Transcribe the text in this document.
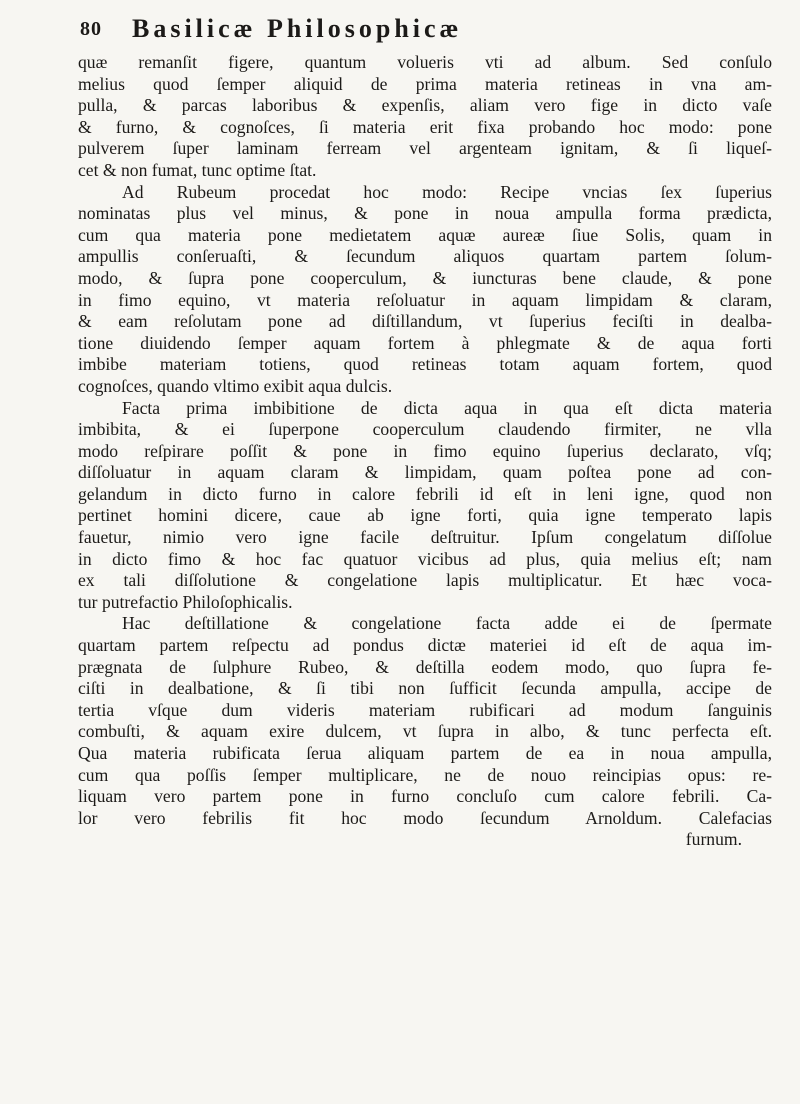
80 Basilicæ Philosophicæ
quæ remanſit figere, quantum volueris vti ad album. Sed conſulo
melius quod ſemper aliquid de prima materia retineas in vna am-
pulla, & parcas laboribus & expenſis, aliam vero fige in dicto vaſe
& furno, & cognoſces, ſi materia erit fixa probando hoc modo: pone
pulverem ſuper laminam ferream vel argenteam ignitam, & ſi liqueſ-
cet & non fumat, tunc optime ſtat.
Ad Rubeum procedat hoc modo: Recipe vncias ſex ſuperius
nominatas plus vel minus, & pone in noua ampulla forma prædicta,
cum qua materia pone medietatem aquæ aureæ ſiue Solis, quam in
ampullis conſeruaſti, & ſecundum aliquos quartam partem ſolum-
modo, & ſupra pone cooperculum, & iuncturas bene claude, & pone
in fimo equino, vt materia reſoluatur in aquam limpidam & claram,
& eam reſolutam pone ad diſtillandum, vt ſuperius feciſti in dealba-
tione diuidendo ſemper aquam fortem à phlegmate & de aqua forti
imbibe materiam totiens, quod retineas totam aquam fortem, quod
cognoſces, quando vltimo exibit aqua dulcis.
Facta prima imbibitione de dicta aqua in qua eſt dicta materia
imbibita, & ei ſuperpone cooperculum claudendo firmiter, ne vlla
modo reſpirare poſſit & pone in fimo equino ſuperius declarato, vſq;
diſſoluatur in aquam claram & limpidam, quam poſtea pone ad con-
gelandum in dicto furno in calore febrili id eſt in leni igne, quod non
pertinet homini dicere, caue ab igne forti, quia igne temperato lapis
fauetur, nimio vero igne facile deſtruitur. Ipſum congelatum diſſolue
in dicto fimo & hoc fac quatuor vicibus ad plus, quia melius eſt; nam
ex tali diſſolutione & congelatione lapis multiplicatur. Et hæc voca-
tur putrefactio Philoſophicalis.
Hac deſtillatione & congelatione facta adde ei de ſpermate
quartam partem reſpectu ad pondus dictæ materiei id eſt de aqua im-
prægnata de ſulphure Rubeo, & deſtilla eodem modo, quo ſupra fe-
ciſti in dealbatione, & ſi tibi non ſufficit ſecunda ampulla, accipe de
tertia vſque dum videris materiam rubificari ad modum ſanguinis
combuſti, & aquam exire dulcem, vt ſupra in albo, & tunc perfecta eſt.
Qua materia rubificata ſerua aliquam partem de ea in noua ampulla,
cum qua poſſis ſemper multiplicare, ne de nouo reincipias opus: re-
liquam vero partem pone in furno concluſo cum calore febrili. Ca-
lor vero febrilis fit hoc modo ſecundum Arnoldum. Calefacias
furnum.
